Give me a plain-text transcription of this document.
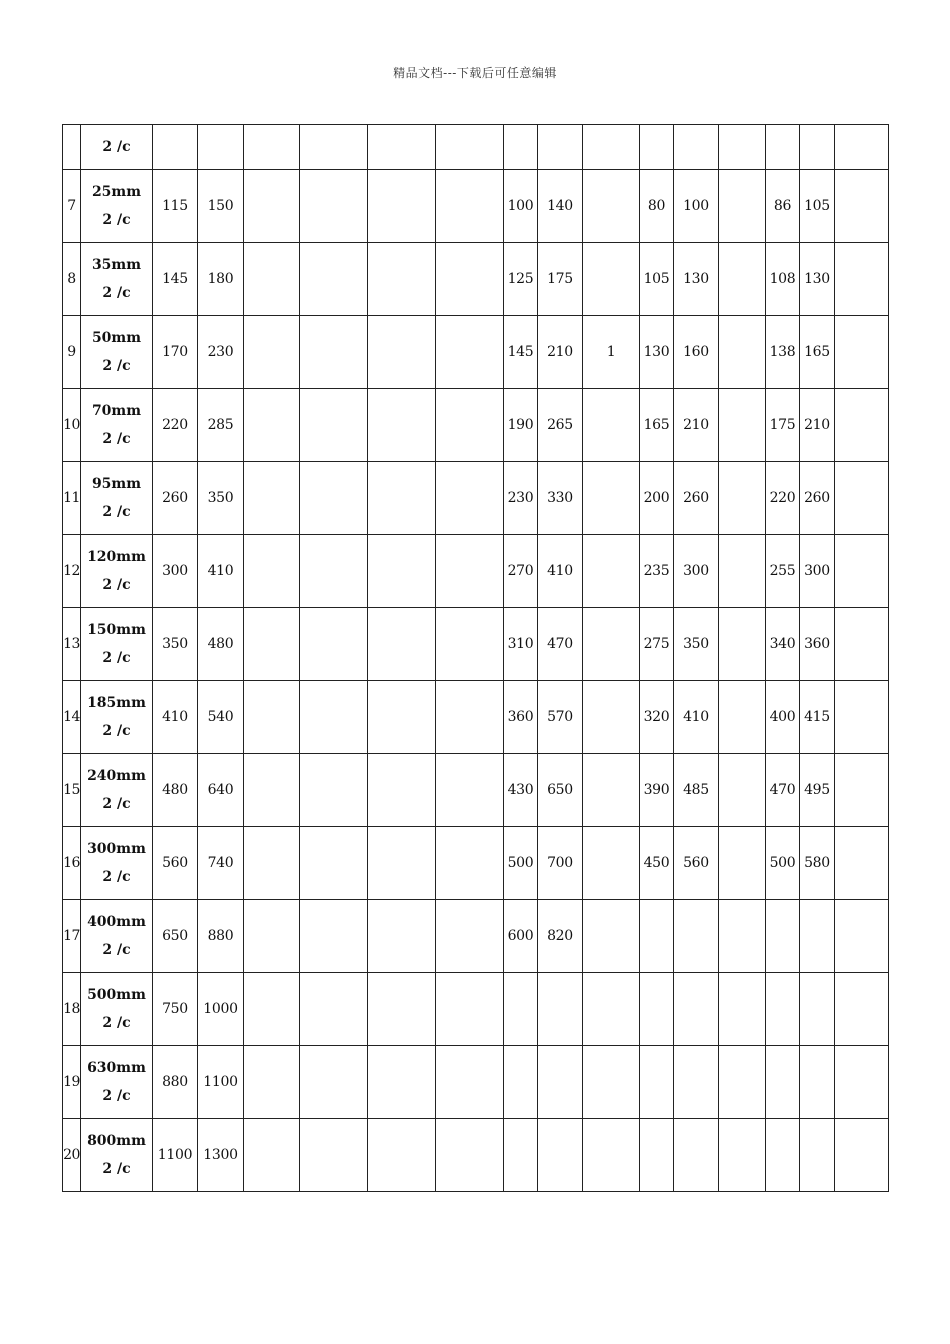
精品文档---下载后可任意编辑

	2 /c															

7	25mm
2 /c	115	150					100	140		80	100		86	105	
8	35mm
2 /c	145	180					125	175		105	130		108	130	
9	50mm
2 /c	170	230					145	210	1	130	160		138	165	
10	70mm
2 /c	220	285					190	265		165	210		175	210	
11	95mm
2 /c	260	350					230	330		200	260		220	260	
12	120mm
2 /c	300	410					270	410		235	300		255	300	
13	150mm
2 /c	350	480					310	470		275	350		340	360	
14	185mm
2 /c	410	540					360	570		320	410		400	415	
15	240mm
2 /c	480	640					430	650		390	485		470	495	
16	300mm
2 /c	560	740					500	700		450	560		500	580	
17	400mm
2 /c	650	880					600	820							
18	500mm
2 /c	750	1000													
19	630mm
2 /c	880	1100													
20	800mm
2 /c	1100	1300													
